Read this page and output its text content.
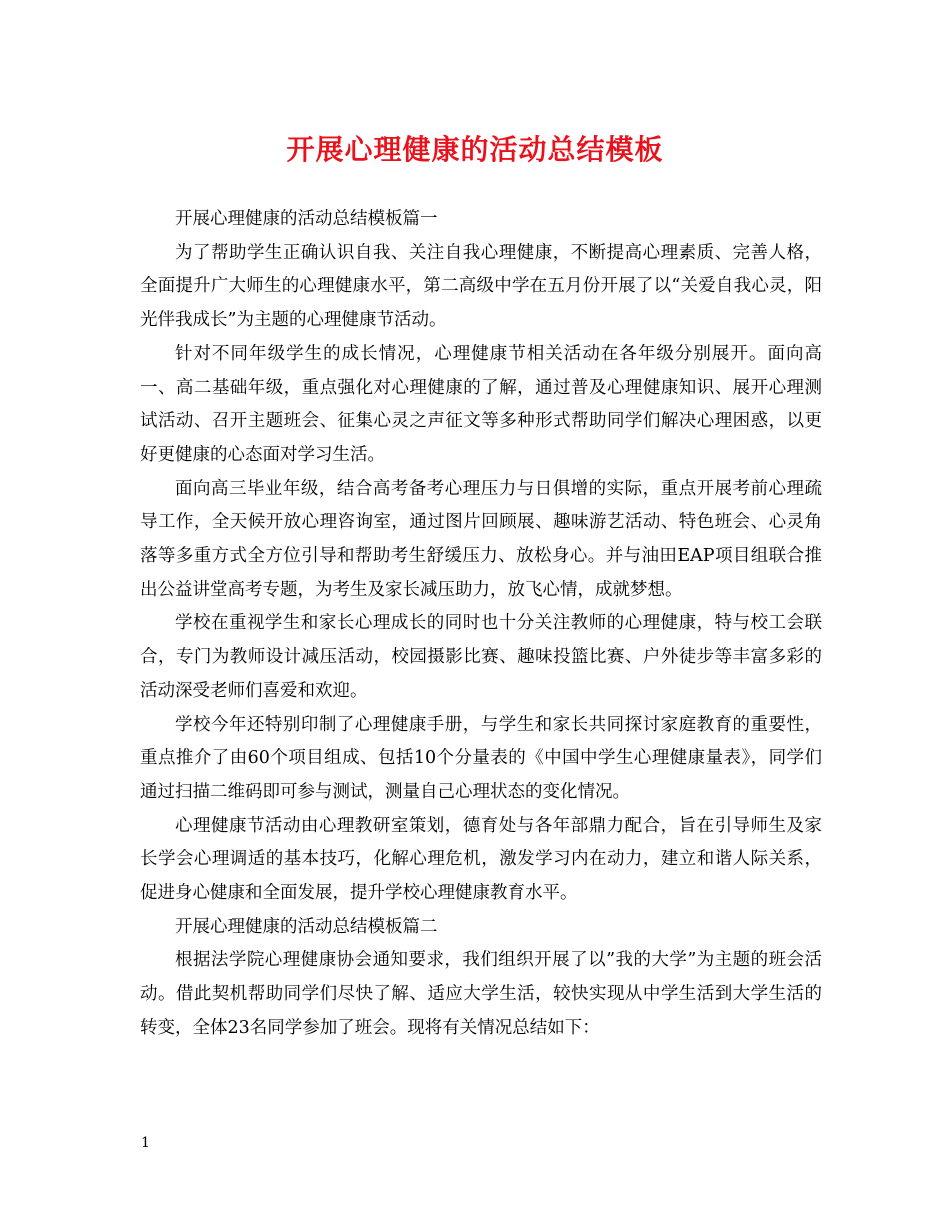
开展心理健康的活动总结模板

开展心理健康的活动总结模板篇一

为了帮助学生正确认识自我、关注自我心理健康，不断提高心理素质、完善人格，全面提升广大师生的心理健康水平，第二高级中学在五月份开展了以“关爱自我心灵，阳光伴我成长”为主题的心理健康节活动。

针对不同年级学生的成长情况，心理健康节相关活动在各年级分别展开。面向高一、高二基础年级，重点强化对心理健康的了解，通过普及心理健康知识、展开心理测试活动、召开主题班会、征集心灵之声征文等多种形式帮助同学们解决心理困惑，以更好更健康的心态面对学习生活。

面向高三毕业年级，结合高考备考心理压力与日俱增的实际，重点开展考前心理疏导工作，全天候开放心理咨询室，通过图片回顾展、趣味游艺活动、特色班会、心灵角落等多重方式全方位引导和帮助考生舒缓压力、放松身心。并与油田EAP项目组联合推出公益讲堂高考专题，为考生及家长减压助力，放飞心情，成就梦想。

学校在重视学生和家长心理成长的同时也十分关注教师的心理健康，特与校工会联合，专门为教师设计减压活动，校园摄影比赛、趣味投篮比赛、户外徒步等丰富多彩的活动深受老师们喜爱和欢迎。

学校今年还特别印制了心理健康手册，与学生和家长共同探讨家庭教育的重要性，重点推介了由60个项目组成、包括10个分量表的《中国中学生心理健康量表》，同学们通过扫描二维码即可参与测试，测量自己心理状态的变化情况。

心理健康节活动由心理教研室策划，德育处与各年部鼎力配合，旨在引导师生及家长学会心理调适的基本技巧，化解心理危机，激发学习内在动力，建立和谐人际关系，促进身心健康和全面发展，提升学校心理健康教育水平。

开展心理健康的活动总结模板篇二

根据法学院心理健康协会通知要求，我们组织开展了以”我的大学”为主题的班会活动。借此契机帮助同学们尽快了解、适应大学生活，较快实现从中学生活到大学生活的转变，全体23名同学参加了班会。现将有关情况总结如下：

1
